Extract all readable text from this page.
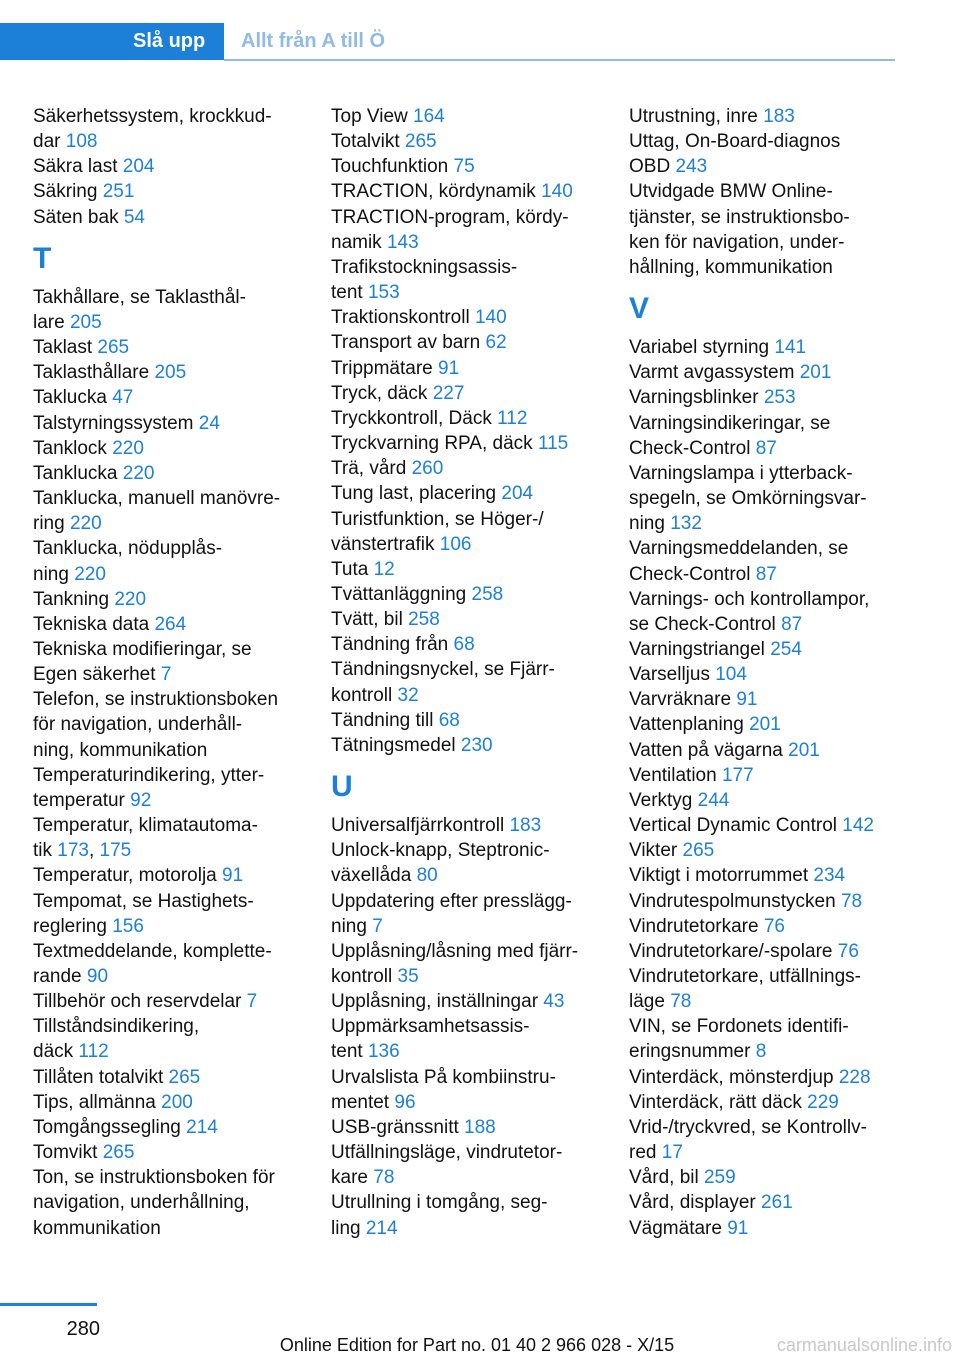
Slå upp	Allt från A till Ö
Säkerhetssystem, krockkud-
dar 108
Säkra last 204
Säkring 251
Säten bak 54
T
Takhållare, se Taklasthål-
lare 205
Taklast 265
Taklasthållare 205
Taklucka 47
Talstyrningssystem 24
Tanklock 220
Tanklucka 220
Tanklucka, manuell manövre-
ring 220
Tanklucka, nödupplås-
ning 220
Tankning 220
Tekniska data 264
Tekniska modifieringar, se
Egen säkerhet 7
Telefon, se instruktionsboken
för navigation, underhåll-
ning, kommunikation
Temperaturindikering, ytter-
temperatur 92
Temperatur, klimatautoma-
tik 173, 175
Temperatur, motorolja 91
Tempomat, se Hastighets-
reglering 156
Textmeddelande, komplette-
rande 90
Tillbehör och reservdelar 7
Tillståndsindikering,
däck 112
Tillåten totalvikt 265
Tips, allmänna 200
Tomgångssegling 214
Tomvikt 265
Ton, se instruktionsboken för
navigation, underhållning,
kommunikation
Top View 164
Totalvikt 265
Touchfunktion 75
TRACTION, kördynamik 140
TRACTION-program, kördy-
namik 143
Trafikstockningsassis-
tent 153
Traktionskontroll 140
Transport av barn 62
Trippmätare 91
Tryck, däck 227
Tryckkontroll, Däck 112
Tryckvarning RPA, däck 115
Trä, vård 260
Tung last, placering 204
Turistfunktion, se Höger-/
vänstertrafik 106
Tuta 12
Tvättanläggning 258
Tvätt, bil 258
Tändning från 68
Tändningsnyckel, se Fjärr-
kontroll 32
Tändning till 68
Tätningsmedel 230
U
Universalfjärrkontroll 183
Unlock-knapp, Steptronic-
växellåda 80
Uppdatering efter presslägg-
ning 7
Upplåsning/låsning med fjärr-
kontroll 35
Upplåsning, inställningar 43
Uppmärksamhetsassis-
tent 136
Urvalslista På kombiinstru-
mentet 96
USB-gränssnitt 188
Utfällningsläge, vindrutetor-
kare 78
Utrullning i tomgång, seg-
ling 214
Utrustning, inre 183
Uttag, On-Board-diagnos
OBD 243
Utvidgade BMW Online-
tjänster, se instruktionsbo-
ken för navigation, under-
hållning, kommunikation
V
Variabel styrning 141
Varmt avgassystem 201
Varningsblinker 253
Varningsindikeringar, se
Check-Control 87
Varningslampa i ytterback-
spegeln, se Omkörningsvar-
ning 132
Varningsmeddelanden, se
Check-Control 87
Varnings- och kontrollampor,
se Check-Control 87
Varningstriangel 254
Varselljus 104
Varvräknare 91
Vattenplaning 201
Vatten på vägarna 201
Ventilation 177
Verktyg 244
Vertical Dynamic Control 142
Vikter 265
Viktigt i motorrummet 234
Vindrutespolmunstycken 78
Vindrutetorkare 76
Vindrutetorkare/-spolare 76
Vindrutetorkare, utfällnings-
läge 78
VIN, se Fordonets identifi-
eringsnummer 8
Vinterdäck, mönsterdjup 228
Vinterdäck, rätt däck 229
Vrid-/tryckvred, se Kontrollv-
red 17
Vård, bil 259
Vård, displayer 261
Vägmätare 91
280
Online Edition for Part no. 01 40 2 966 028 - X/15	carmanualsonline.info
